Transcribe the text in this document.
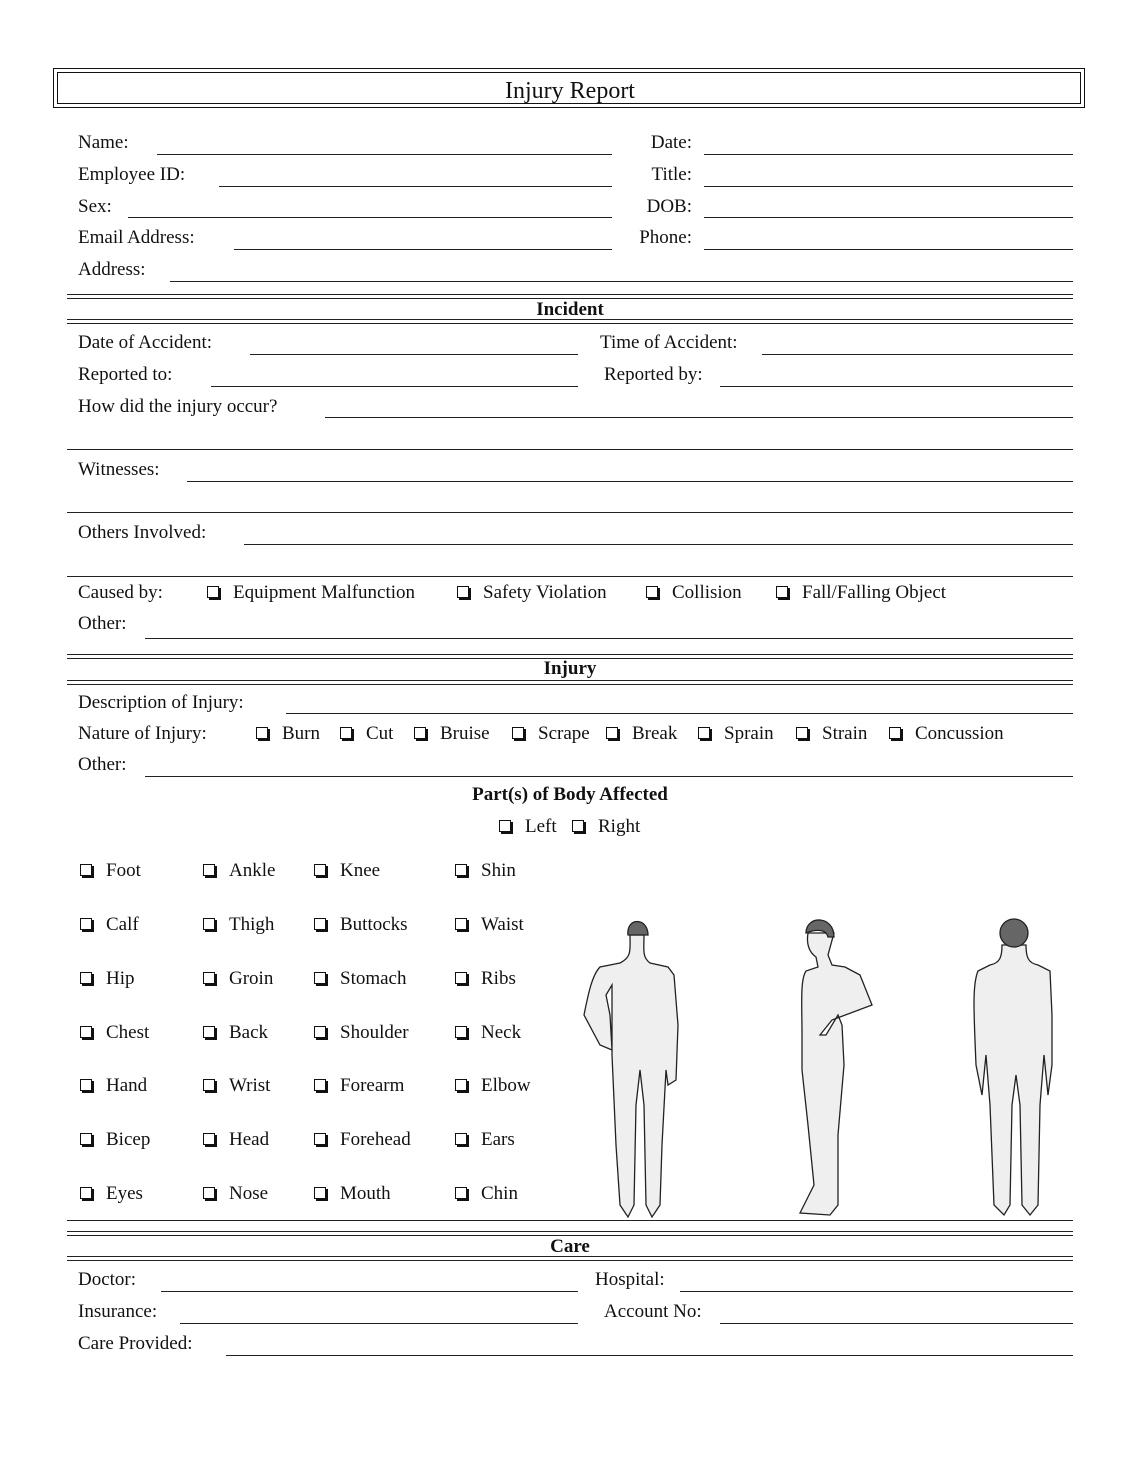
Injury Report
Name:	Date:
Employee ID:	Title:
Sex:	DOB:
Email Address:	Phone:
Address:
Incident
Date of Accident:	Time of Accident:
Reported to:	Reported by:
How did the injury occur?
Witnesses:
Others Involved:
Caused by:	Equipment Malfunction	Safety Violation	Collision	Fall/Falling Object
Other:
Injury
Description of Injury:
Nature of Injury:	Burn Cut Bruise	Scrape Break Sprain	Strain	Concussion
Other:
Part(s) of Body Affected
Left Right
Foot	Ankle	Knee	Shin
Calf	Thigh	Buttocks	Waist
Hip	Groin	Stomach	Ribs
Chest	Back	Shoulder	Neck
Hand	Wrist	Forearm	Elbow
Bicep	Head	Forehead	Ears
Eyes	Nose	Mouth	Chin
Care
Doctor:	Hospital:
Insurance:	Account No:
Care Provided:
